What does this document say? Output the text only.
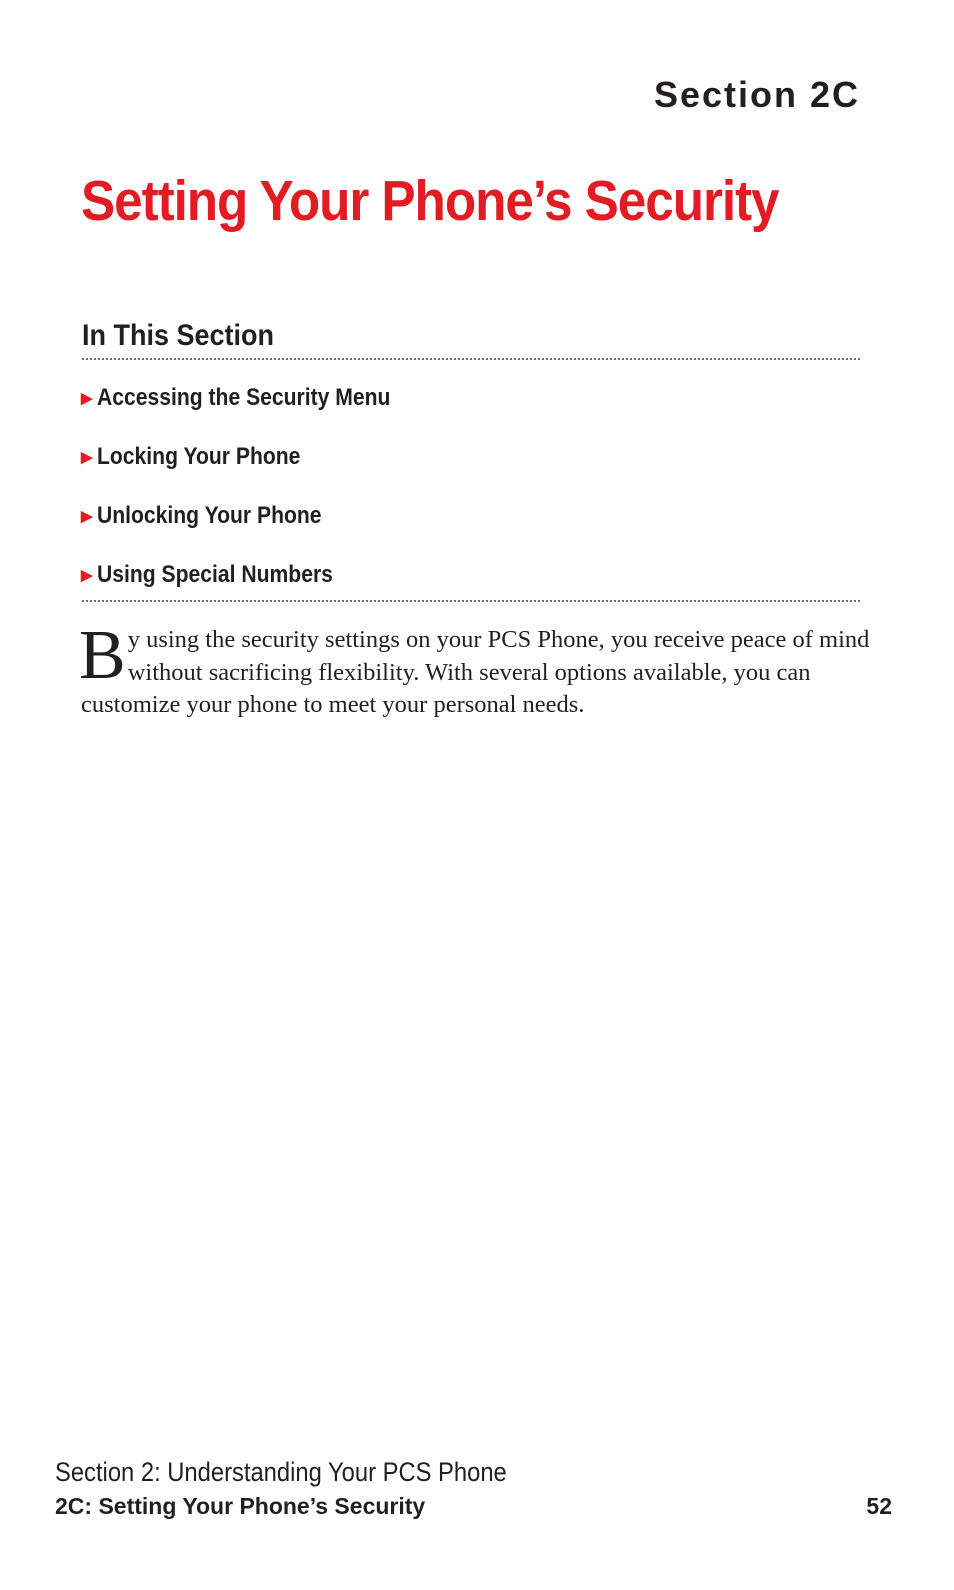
Section 2C
Setting Your Phone’s Security
In This Section
▶ Accessing the Security Menu
▶ Locking Your Phone
▶ Unlocking Your Phone
▶ Using Special Numbers

By using the security settings on your PCS Phone, you receive peace of mind without sacrificing flexibility. With several options available, you can customize your phone to meet your personal needs.

Section 2: Understanding Your PCS Phone
2C: Setting Your Phone’s Security	52
